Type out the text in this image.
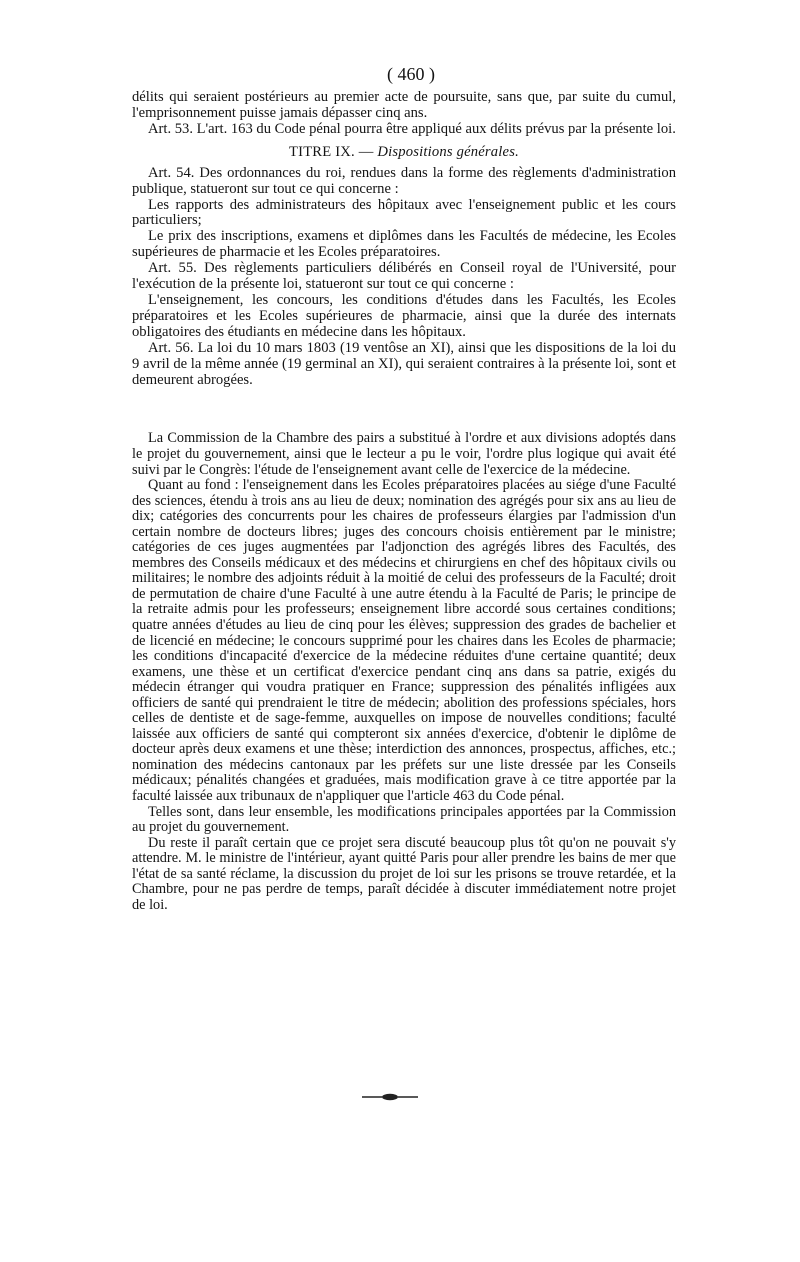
( 460 )

délits qui seraient postérieurs au premier acte de poursuite, sans que, par suite du cumul, l'emprisonnement puisse jamais dépasser cinq ans.

Art. 53. L'art. 163 du Code pénal pourra être appliqué aux délits prévus par la présente loi.

TITRE IX. — Dispositions générales.

Art. 54. Des ordonnances du roi, rendues dans la forme des règlements d'administration publique, statueront sur tout ce qui concerne :

Les rapports des administrateurs des hôpitaux avec l'enseignement public et les cours particuliers;

Le prix des inscriptions, examens et diplômes dans les Facultés de médecine, les Ecoles supérieures de pharmacie et les Ecoles préparatoires.

Art. 55. Des règlements particuliers délibérés en Conseil royal de l'Université, pour l'exécution de la présente loi, statueront sur tout ce qui concerne :

L'enseignement, les concours, les conditions d'études dans les Facultés, les Ecoles préparatoires et les Ecoles supérieures de pharmacie, ainsi que la durée des internats obligatoires des étudiants en médecine dans les hôpitaux.

Art. 56. La loi du 10 mars 1803 (19 ventôse an XI), ainsi que les dispositions de la loi du 9 avril de la même année (19 germinal an XI), qui seraient contraires à la présente loi, sont et demeurent abrogées.

La Commission de la Chambre des pairs a substitué à l'ordre et aux divisions adoptés dans le projet du gouvernement, ainsi que le lecteur a pu le voir, l'ordre plus logique qui avait été suivi par le Congrès: l'étude de l'enseignement avant celle de l'exercice de la médecine.

Quant au fond : l'enseignement dans les Ecoles préparatoires placées au siége d'une Faculté des sciences, étendu à trois ans au lieu de deux; nomination des agrégés pour six ans au lieu de dix; catégories des concurrents pour les chaires de professeurs élargies par l'admission d'un certain nombre de docteurs libres; juges des concours choisis entièrement par le ministre; catégories de ces juges augmentées par l'adjonction des agrégés libres des Facultés, des membres des Conseils médicaux et des médecins et chirurgiens en chef des hôpitaux civils ou militaires; le nombre des adjoints réduit à la moitié de celui des professeurs de la Faculté; droit de permutation de chaire d'une Faculté à une autre étendu à la Faculté de Paris; le principe de la retraite admis pour les professeurs; enseignement libre accordé sous certaines conditions; quatre années d'études au lieu de cinq pour les élèves; suppression des grades de bachelier et de licencié en médecine; le concours supprimé pour les chaires dans les Ecoles de pharmacie; les conditions d'incapacité d'exercice de la médecine réduites d'une certaine quantité; deux examens, une thèse et un certificat d'exercice pendant cinq ans dans sa patrie, exigés du médecin étranger qui voudra pratiquer en France; suppression des pénalités infligées aux officiers de santé qui prendraient le titre de médecin; abolition des professions spéciales, hors celles de dentiste et de sage-femme, auxquelles on impose de nouvelles conditions; faculté laissée aux officiers de santé qui compteront six années d'exercice, d'obtenir le diplôme de docteur après deux examens et une thèse; interdiction des annonces, prospectus, affiches, etc.; nomination des médecins cantonaux par les préfets sur une liste dressée par les Conseils médicaux; pénalités changées et graduées, mais modification grave à ce titre apportée par la faculté laissée aux tribunaux de n'appliquer que l'article 463 du Code pénal.

Telles sont, dans leur ensemble, les modifications principales apportées par la Commission au projet du gouvernement.

Du reste il paraît certain que ce projet sera discuté beaucoup plus tôt qu'on ne pouvait s'y attendre. M. le ministre de l'intérieur, ayant quitté Paris pour aller prendre les bains de mer que l'état de sa santé réclame, la discussion du projet de loi sur les prisons se trouve retardée, et la Chambre, pour ne pas perdre de temps, paraît décidée à discuter immédiatement notre projet de loi.
